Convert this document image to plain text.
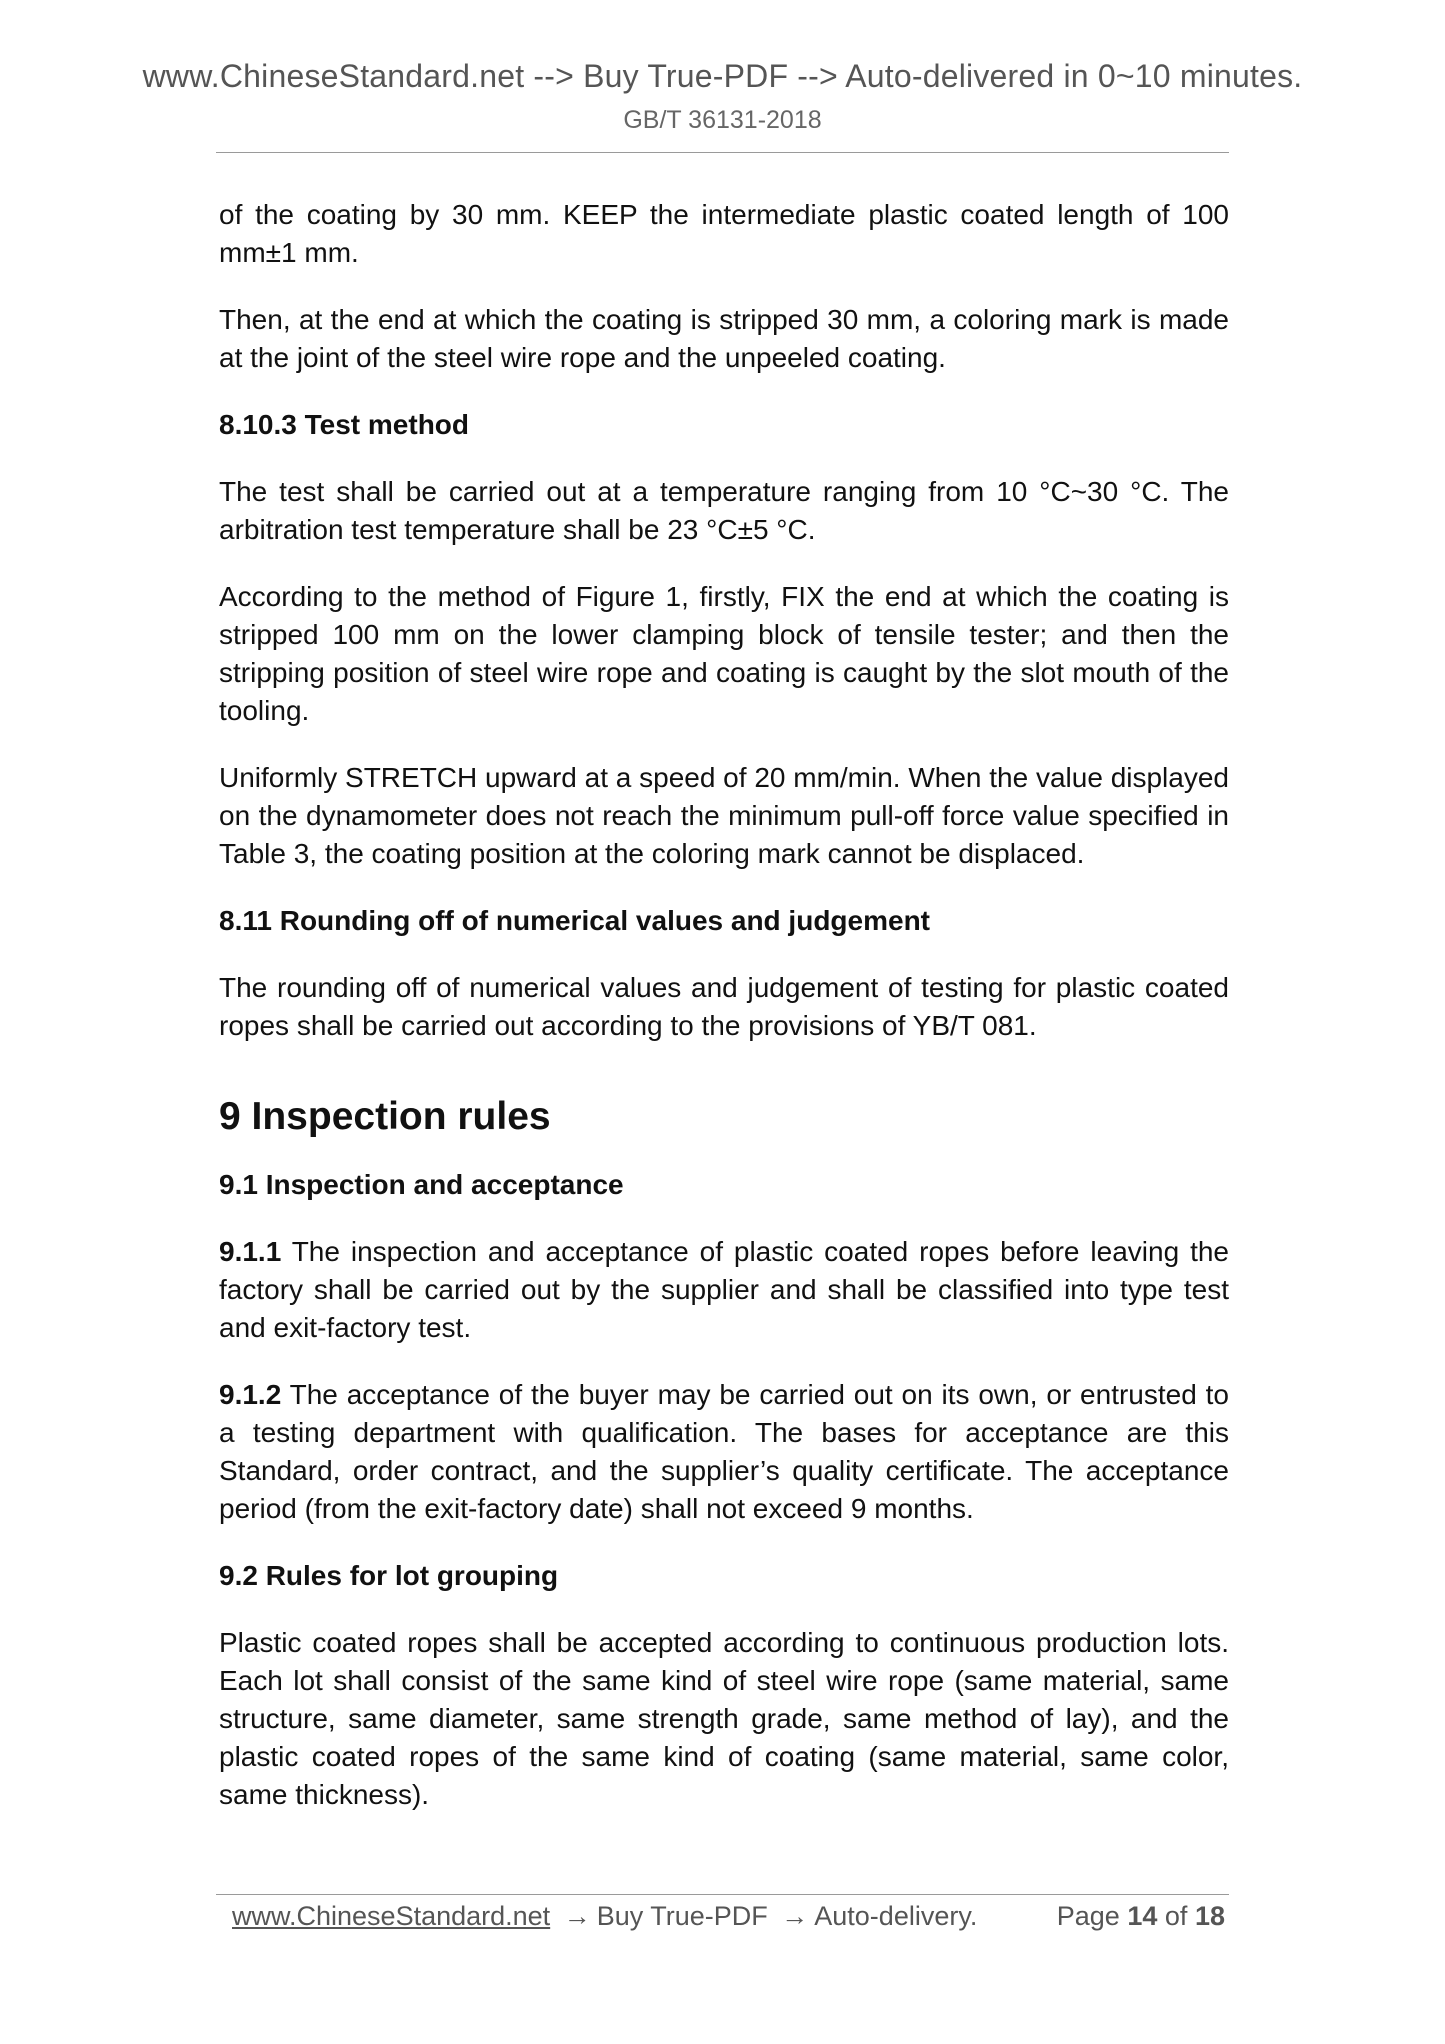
www.ChineseStandard.net --> Buy True-PDF --> Auto-delivered in 0~10 minutes.
GB/T 36131-2018

of the coating by 30 mm. KEEP the intermediate plastic coated length of 100 mm±1 mm.

Then, at the end at which the coating is stripped 30 mm, a coloring mark is made at the joint of the steel wire rope and the unpeeled coating.

8.10.3 Test method

The test shall be carried out at a temperature ranging from 10 °C~30 °C. The arbitration test temperature shall be 23 °C±5 °C.

According to the method of Figure 1, firstly, FIX the end at which the coating is stripped 100 mm on the lower clamping block of tensile tester; and then the stripping position of steel wire rope and coating is caught by the slot mouth of the tooling.

Uniformly STRETCH upward at a speed of 20 mm/min. When the value displayed on the dynamometer does not reach the minimum pull-off force value specified in Table 3, the coating position at the coloring mark cannot be displaced.

8.11 Rounding off of numerical values and judgement

The rounding off of numerical values and judgement of testing for plastic coated ropes shall be carried out according to the provisions of YB/T 081.

9 Inspection rules
9.1 Inspection and acceptance

9.1.1 The inspection and acceptance of plastic coated ropes before leaving the factory shall be carried out by the supplier and shall be classified into type test and exit-factory test.

9.1.2 The acceptance of the buyer may be carried out on its own, or entrusted to a testing department with qualification. The bases for acceptance are this Standard, order contract, and the supplier’s quality certificate. The acceptance period (from the exit-factory date) shall not exceed 9 months.

9.2 Rules for lot grouping

Plastic coated ropes shall be accepted according to continuous production lots. Each lot shall consist of the same kind of steel wire rope (same material, same structure, same diameter, same strength grade, same method of lay), and the plastic coated ropes of the same kind of coating (same material, same color, same thickness).

www.ChineseStandard.net → Buy True-PDF → Auto-delivery.	Page 14 of 18
